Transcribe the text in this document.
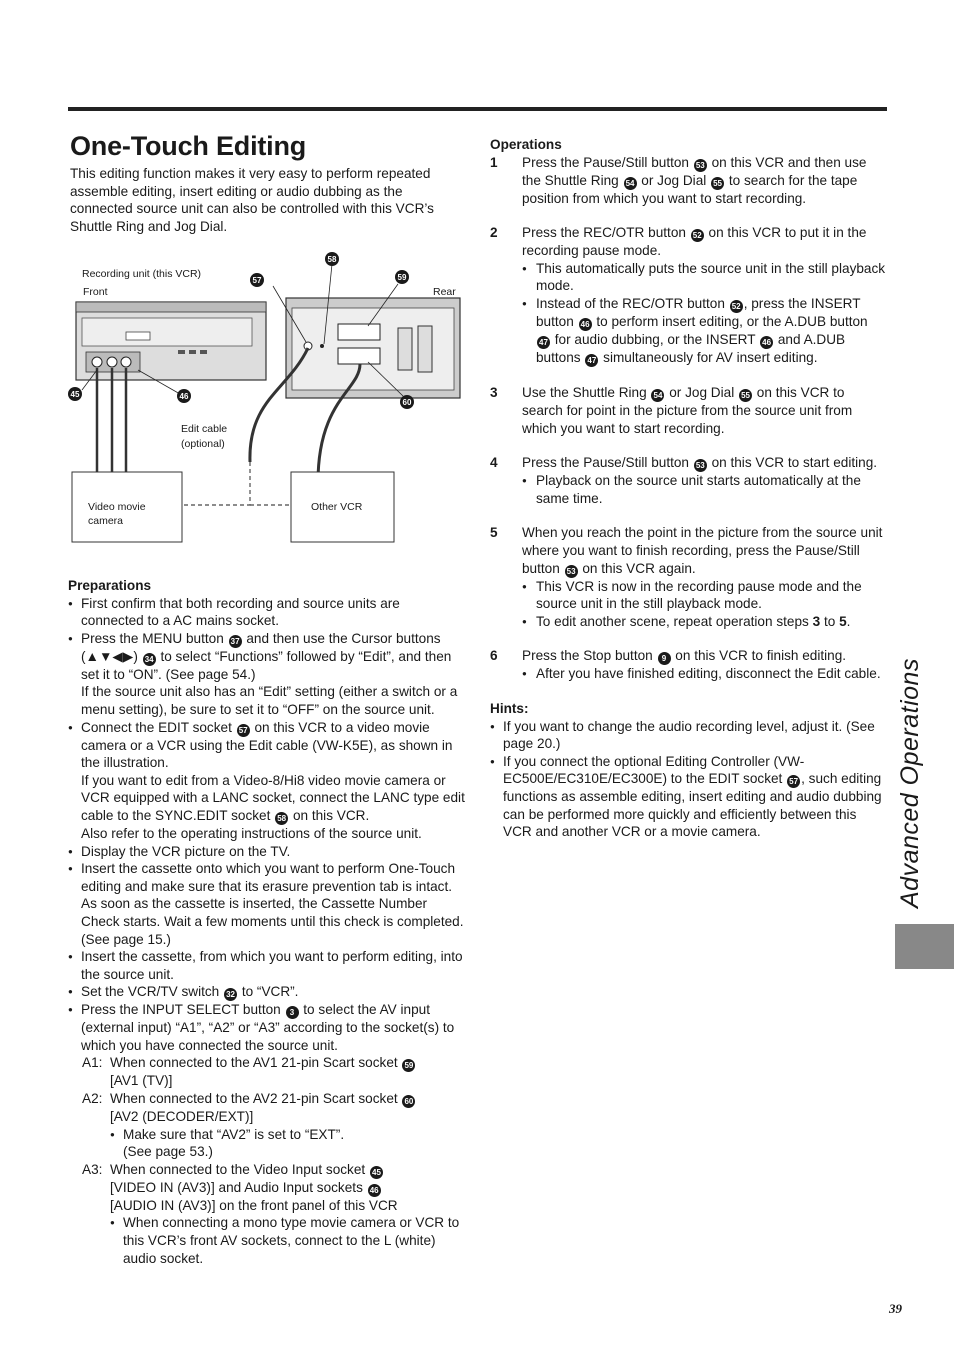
One-Touch Editing

This editing function makes it very easy to perform repeated assemble editing, insert editing or audio dubbing as the connected source unit can also be controlled with this VCR’s Shuttle Ring and Jog Dial.

Recording unit (this VCR)
Front	Rear
Video movie
camera
Other VCR
Edit cable
(optional)
57
58
59
60
45	46

Preparations

● First confirm that both recording and source units are connected to a AC mains socket.
● Press the MENU button 37 and then use the Cursor buttons (▲▼◀▶) 34 to select “Functions” followed by “Edit”, and then set it to “ON”. (See page 54.)

If the source unit also has an “Edit” setting (either a switch or a menu setting), be sure to set it to “OFF” on the source unit.

● Connect the EDIT socket 57 on this VCR to a video movie camera or a VCR using the Edit cable (VW-K5E), as shown in the illustration.

If you want to edit from a Video-8/Hi8 video movie camera or VCR equipped with a LANC socket, connect the LANC type edit cable to the SYNC.EDIT socket 58 on this VCR.

Also refer to the operating instructions of the source unit.

● Display the VCR picture on the TV.
● Insert the cassette onto which you want to perform One-Touch editing and make sure that its erasure prevention tab is intact.

As soon as the cassette is inserted, the Cassette Number Check starts. Wait a few moments until this check is completed. (See page 15.)

● Insert the cassette, from which you want to perform editing, into the source unit.
● Set the VCR/TV switch 32 to “VCR”.
● Press the INPUT SELECT button 3 to select the AV input (external input) “A1”, “A2” or “A3” according to the socket(s) to which you have connected the source unit.
A1: When connected to the AV1 21-pin Scart socket 59
[AV1 (TV)]
A2: When connected to the AV2 21-pin Scart socket 60
[AV2 (DECODER/EXT)]
● Make sure that “AV2” is set to “EXT”. (See page 53.)
A3: When connected to the Video Input socket 45
[VIDEO IN (AV3)] and Audio Input sockets 46
[AUDIO IN (AV3)] on the front panel of this VCR
● When connecting a mono type movie camera or VCR to this VCR’s front AV sockets, connect to the L (white) audio socket.

Operations

1 Press the Pause/Still button 53 on this VCR and then use the Shuttle Ring 54 or Jog Dial 55 to search for the tape position from which you want to start recording.
2 Press the REC/OTR button 52 on this VCR to put it in the recording pause mode.
● This automatically puts the source unit in the still playback mode.
● Instead of the REC/OTR button 52 , press the INSERT button 46 to perform insert editing, or the A.DUB button 47 for audio dubbing, or the INSERT 46 and A.DUB buttons 47 simultaneously for AV insert editing.
3 Use the Shuttle Ring 54 or Jog Dial 55 on this VCR to search for point in the picture from the source unit from which you want to start recording.
4 Press the Pause/Still button 53 on this VCR to start editing.
● Playback on the source unit starts automatically at the same time.
5 When you reach the point in the picture from the source unit where you want to finish recording, press the Pause/Still button 53 on this VCR again.
● This VCR is now in the recording pause mode and the source unit in the still playback mode.
● To edit another scene, repeat operation steps 3 to 5.
6 Press the Stop button 9 on this VCR to finish editing.
● After you have finished editing, disconnect the Edit cable.

Hints:

● If you want to change the audio recording level, adjust it. (See page 20.)
● If you connect the optional Editing Controller (VW-EC500E/EC310E/EC300E) to the EDIT socket 57 , such editing functions as assemble editing, insert editing and audio dubbing can be performed more quickly and efficiently between this VCR and another VCR or a movie camera.	Advanced Operations
39
